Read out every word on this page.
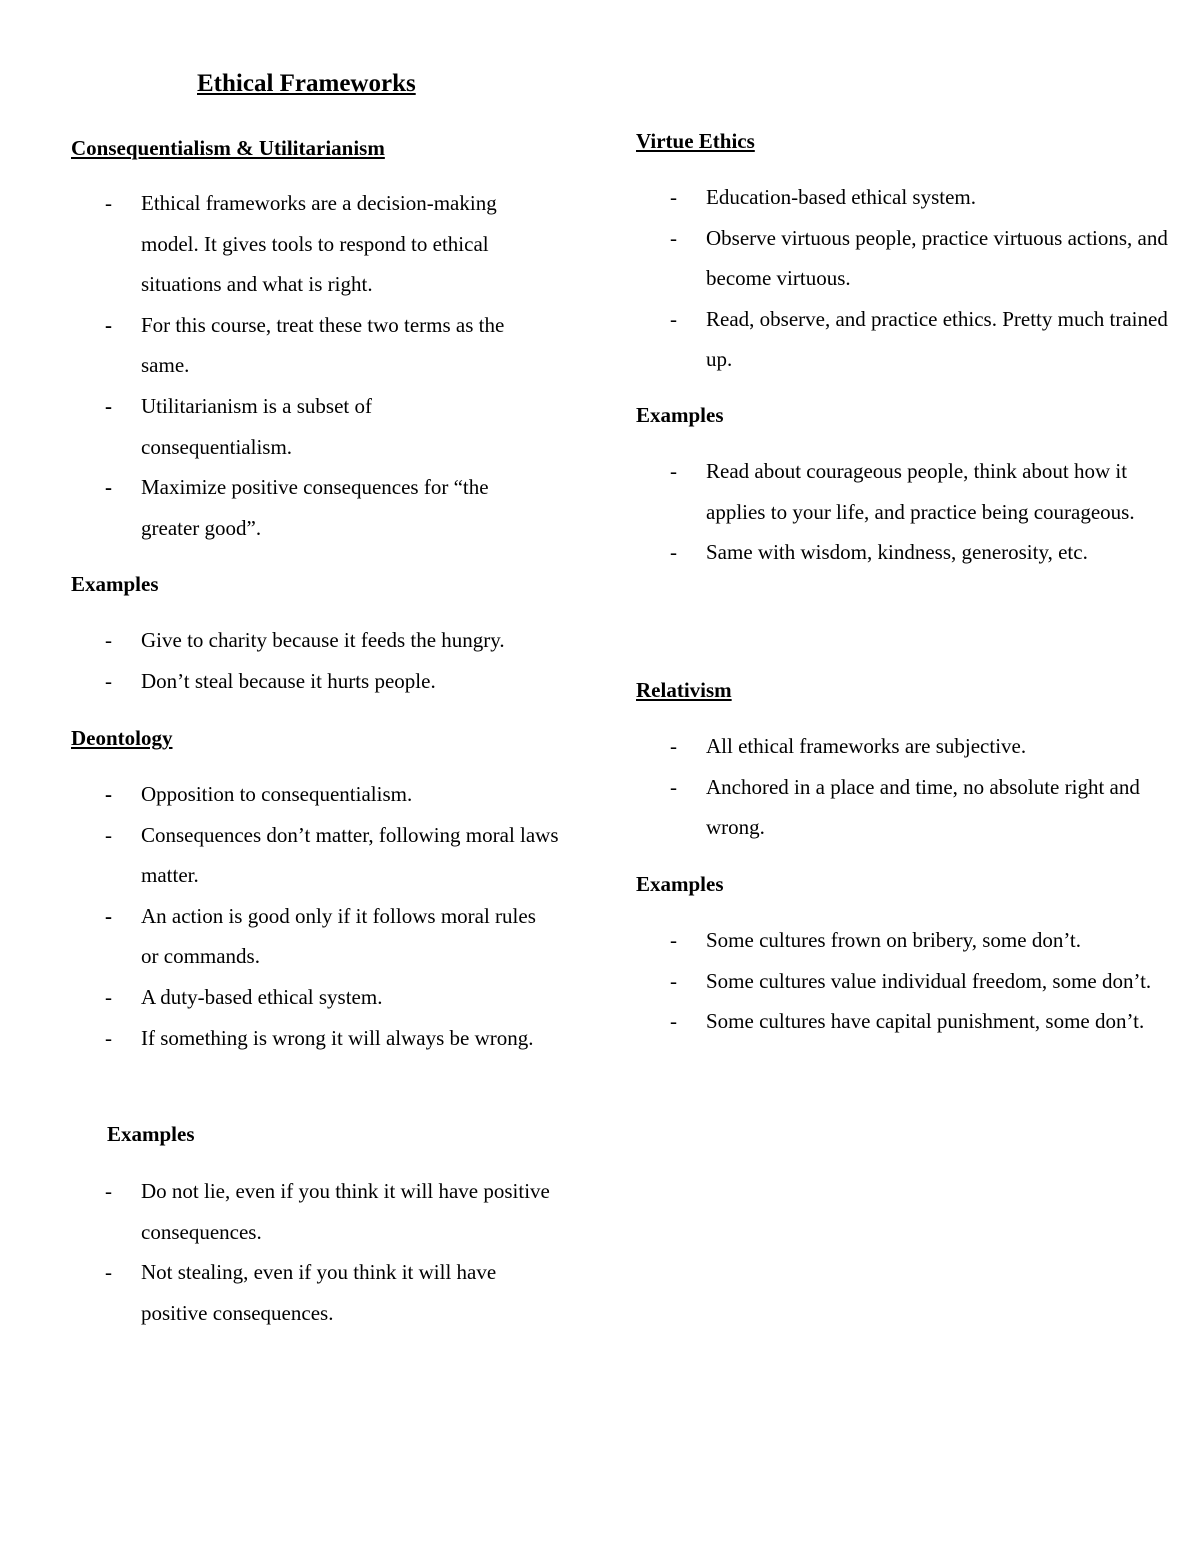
Ethical Frameworks
Consequentialism & Utilitarianism
- Ethical frameworks are a decision-making model. It gives tools to respond to ethical situations and what is right.
- For this course, treat these two terms as the same.
- Utilitarianism is a subset of consequentialism.
- Maximize positive consequences for “the greater good”.
Examples
- Give to charity because it feeds the hungry.
- Don’t steal because it hurts people.
Deontology
- Opposition to consequentialism.
- Consequences don’t matter, following moral laws matter.
- An action is good only if it follows moral rules or commands.
- A duty-based ethical system.
- If something is wrong it will always be wrong.
Examples
- Do not lie, even if you think it will have positive consequences.
- Not stealing, even if you think it will have positive consequences.
Virtue Ethics
- Education-based ethical system.
- Observe virtuous people, practice virtuous actions, and become virtuous.
- Read, observe, and practice ethics. Pretty much trained up.
Examples
- Read about courageous people, think about how it applies to your life, and practice being courageous.
- Same with wisdom, kindness, generosity, etc.
Relativism
- All ethical frameworks are subjective.
- Anchored in a place and time, no absolute right and wrong.
Examples
- Some cultures frown on bribery, some don’t.
- Some cultures value individual freedom, some don’t.
- Some cultures have capital punishment, some don’t.
